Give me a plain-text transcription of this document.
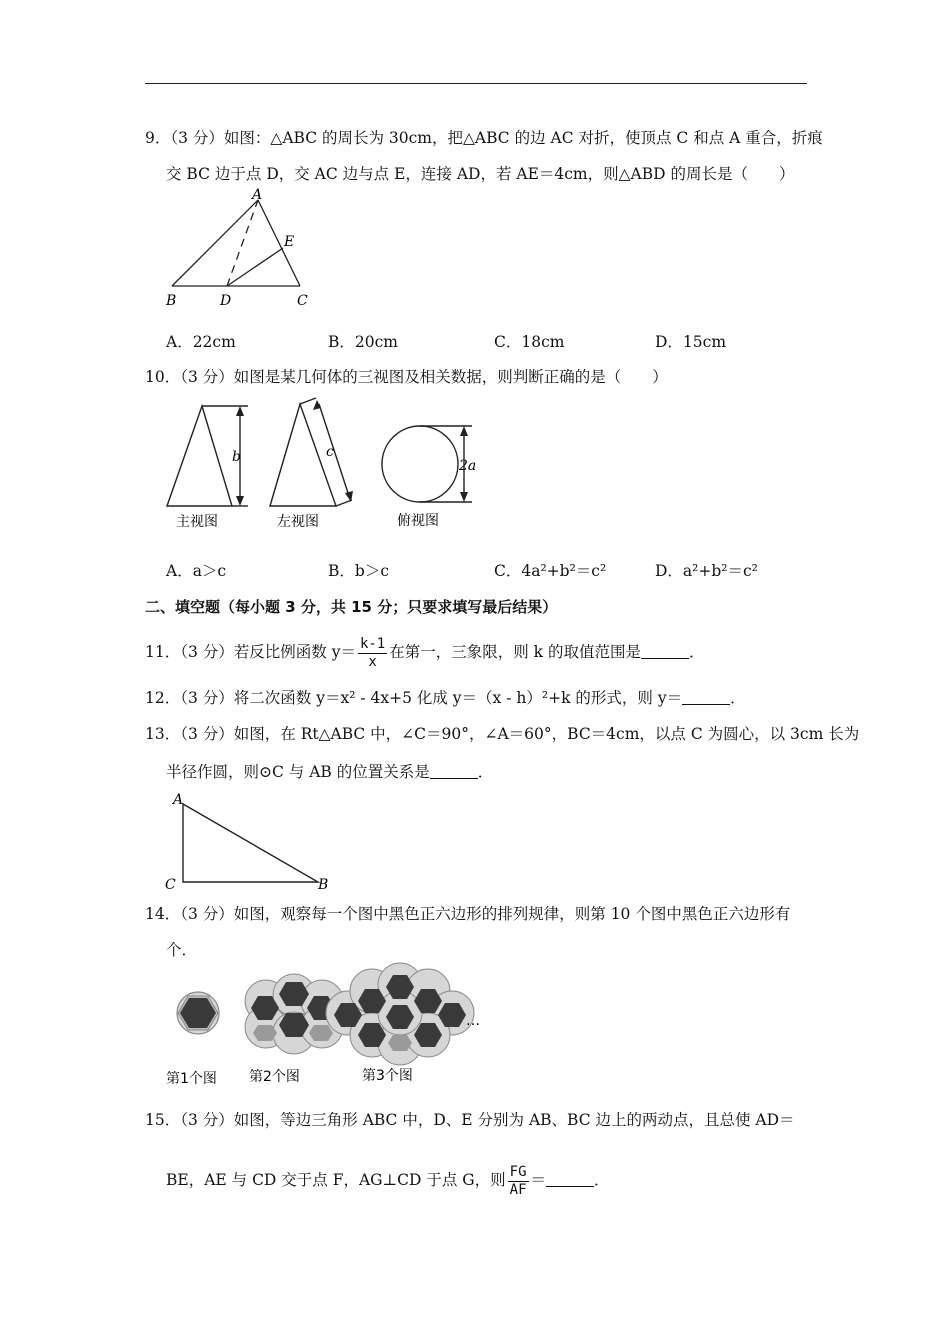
9．（3 分）如图：△ABC 的周长为 30cm，把△ABC 的边 AC 对折，使顶点 C 和点 A 重合，折痕
交 BC 边于点 D，交 AC 边与点 E，连接 AD，若 AE＝4cm，则△ABD 的周长是（　　）
A
E
B	D	C
A．22cm	B．20cm	C．18cm	D．15cm
10．（3 分）如图是某几何体的三视图及相关数据，则判断正确的是（　　）
b	c
2a
主视图	左视图	俯视图
A．a＞c	B．b＞c	C．4a²+b²＝c²	D．a²+b²＝c²
二、填空题（每小题 3 分，共 15 分；只要求填写最后结果）
11．（3 分）若反比例函数 $y= \frac{k-1}{x}$ 在第一，三象限，则 k 的取值范围是	．
12．（3 分）将二次函数 y＝x² - 4x+5 化成 y＝（x - h）²+k 的形式，则 y＝	．
13．（3 分）如图，在 Rt△ABC 中，∠C＝90°，∠A＝60°，BC＝4cm，以点 C 为圆心，以 3cm 长为
半径作圆，则⊙C 与 AB 的位置关系是	．
A
C	B
14．（3 分）如图，观察每一个图中黑色正六边形的排列规律，则第 10 个图中黑色正六边形有
个．
…
第1个图 第2个图	第3个图
15．（3 分）如图，等边三角形 ABC 中，D、E 分别为 AB、BC 边上的两动点，且总使 AD＝
BE，AE 与 CD 交于点 F，AG⊥CD 于点 G，则 $\frac{FG}{AF}$ ＝	．
